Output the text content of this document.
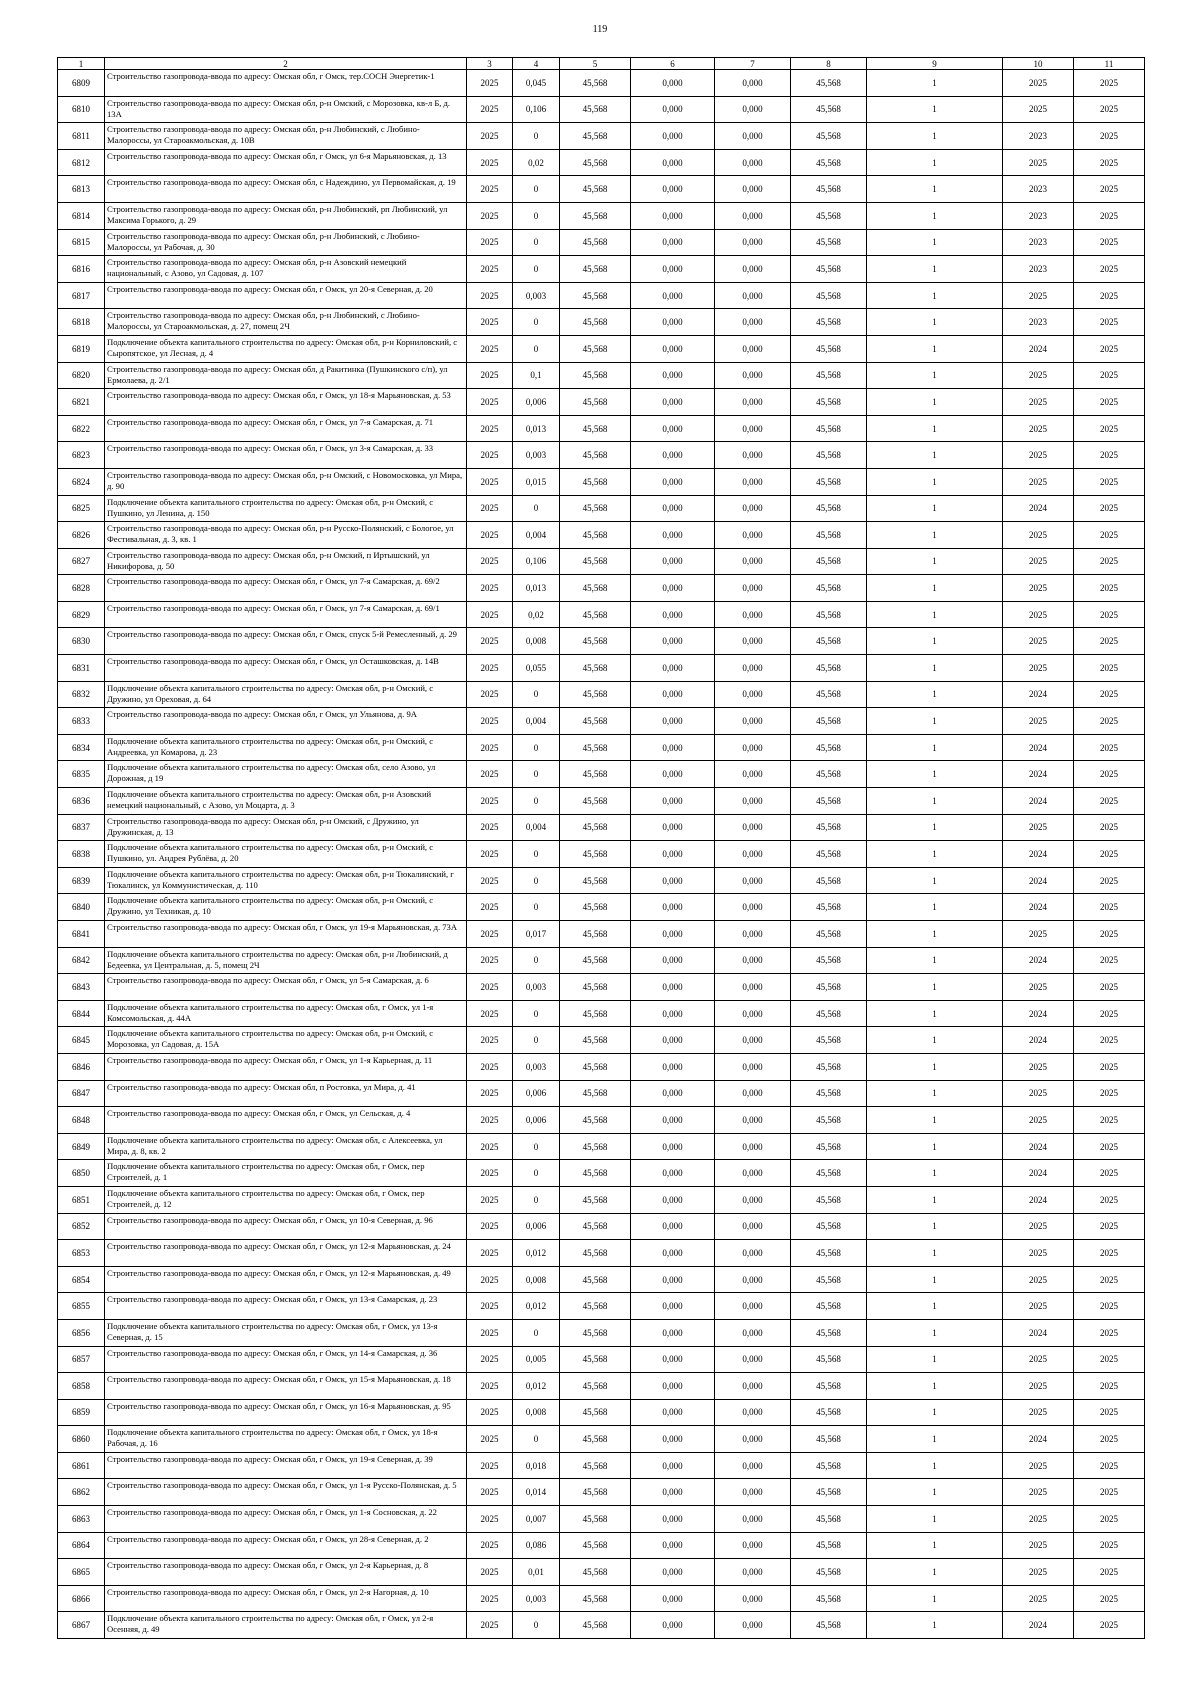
119
1	2	3	4	5	6	7	8	9	10	11
6809	Строительство газопровода-ввода по адресу: Омская обл, г Омск, тер.СОСН Энергетик-1	2025	0,045	45,568	0,000	0,000	45,568	1	2025	2025
6810	Строительство газопровода-ввода по адресу: Омская обл, р-н Омский, с Морозовка, кв-л Б, д. 13А	2025	0,106	45,568	0,000	0,000	45,568	1	2025	2025
6811	Строительство газопровода-ввода по адресу: Омская обл, р-н Любинский, с Любино-Малороссы, ул Староакмольская, д. 10В	2025	0	45,568	0,000	0,000	45,568	1	2023	2025
6812	Строительство газопровода-ввода по адресу: Омская обл, г Омск, ул 6-я Марьяновская, д. 13	2025	0,02	45,568	0,000	0,000	45,568	1	2025	2025
6813	Строительство газопровода-ввода по адресу: Омская обл, с Надеждино, ул Первомайская, д. 19	2025	0	45,568	0,000	0,000	45,568	1	2023	2025
6814	Строительство газопровода-ввода по адресу: Омская обл, р-н Любинский, рп Любинский, ул Максима Горького, д. 29	2025	0	45,568	0,000	0,000	45,568	1	2023	2025
6815	Строительство газопровода-ввода по адресу: Омская обл, р-н Любинский, с Любино-Малороссы, ул Рабочая, д. 30	2025	0	45,568	0,000	0,000	45,568	1	2023	2025
6816	Строительство газопровода-ввода по адресу: Омская обл, р-н Азовский немецкий национальный, с Азово, ул Садовая, д. 107	2025	0	45,568	0,000	0,000	45,568	1	2023	2025
6817	Строительство газопровода-ввода по адресу: Омская обл, г Омск, ул 20-я Северная, д. 20	2025	0,003	45,568	0,000	0,000	45,568	1	2025	2025
6818	Строительство газопровода-ввода по адресу: Омская обл, р-н Любинский, с Любино-Малороссы, ул Староакмольская, д. 27, помещ 2Ч	2025	0	45,568	0,000	0,000	45,568	1	2023	2025
6819	Подключение объекта капитального строительства по адресу: Омская обл, р-н Корниловский, с Сыропятское, ул Лесная, д. 4	2025	0	45,568	0,000	0,000	45,568	1	2024	2025
6820	Строительство газопровода-ввода по адресу: Омская обл, д Ракитинка (Пушкинского с/п), ул Ермолаева, д. 2/1	2025	0,1	45,568	0,000	0,000	45,568	1	2025	2025
6821	Строительство газопровода-ввода по адресу: Омская обл, г Омск, ул 18-я Марьяновская, д. 53	2025	0,006	45,568	0,000	0,000	45,568	1	2025	2025
6822	Строительство газопровода-ввода по адресу: Омская обл, г Омск, ул 7-я Самарская, д. 71	2025	0,013	45,568	0,000	0,000	45,568	1	2025	2025
6823	Строительство газопровода-ввода по адресу: Омская обл, г Омск, ул 3-я Самарская, д. 33	2025	0,003	45,568	0,000	0,000	45,568	1	2025	2025
6824	Строительство газопровода-ввода по адресу: Омская обл, р-н Омский, с Новомосковка, ул Мира, д. 90	2025	0,015	45,568	0,000	0,000	45,568	1	2025	2025
6825	Подключение объекта капитального строительства по адресу: Омская обл, р-н Омский, с Пушкино, ул Ленина, д. 150	2025	0	45,568	0,000	0,000	45,568	1	2024	2025
6826	Строительство газопровода-ввода по адресу: Омская обл, р-н Русско-Полянский, с Бологое, ул Фестивальная, д. 3, кв. 1	2025	0,004	45,568	0,000	0,000	45,568	1	2025	2025
6827	Строительство газопровода-ввода по адресу: Омская обл, р-н Омский, п Иртышский, ул Никифорова, д. 50	2025	0,106	45,568	0,000	0,000	45,568	1	2025	2025
6828	Строительство газопровода-ввода по адресу: Омская обл, г Омск, ул 7-я Самарская, д. 69/2	2025	0,013	45,568	0,000	0,000	45,568	1	2025	2025
6829	Строительство газопровода-ввода по адресу: Омская обл, г Омск, ул 7-я Самарская, д. 69/1	2025	0,02	45,568	0,000	0,000	45,568	1	2025	2025
6830	Строительство газопровода-ввода по адресу: Омская обл, г Омск, спуск 5-й Ремесленный, д. 29	2025	0,008	45,568	0,000	0,000	45,568	1	2025	2025
6831	Строительство газопровода-ввода по адресу: Омская обл, г Омск, ул Осташковская, д. 14В	2025	0,055	45,568	0,000	0,000	45,568	1	2025	2025
6832	Подключение объекта капитального строительства по адресу: Омская обл, р-н Омский, с Дружино, ул Ореховая, д. 64	2025	0	45,568	0,000	0,000	45,568	1	2024	2025
6833	Строительство газопровода-ввода по адресу: Омская обл, г Омск, ул Ульянова, д. 9А	2025	0,004	45,568	0,000	0,000	45,568	1	2025	2025
6834	Подключение объекта капитального строительства по адресу: Омская обл, р-н Омский, с Андреевка, ул Комарова, д. 23	2025	0	45,568	0,000	0,000	45,568	1	2024	2025
6835	Подключение объекта капитального строительства по адресу: Омская обл, село Азово, ул Дорожная, д 19	2025	0	45,568	0,000	0,000	45,568	1	2024	2025
6836	Подключение объекта капитального строительства по адресу: Омская обл, р-н Азовский немецкий национальный, с Азово, ул Моцарта, д. 3	2025	0	45,568	0,000	0,000	45,568	1	2024	2025
6837	Строительство газопровода-ввода по адресу: Омская обл, р-н Омский, с Дружино, ул Дружинская, д. 13	2025	0,004	45,568	0,000	0,000	45,568	1	2025	2025
6838	Подключение объекта капитального строительства по адресу: Омская обл, р-н Омский, с Пушкино, ул. Андрея Рублёва, д. 20	2025	0	45,568	0,000	0,000	45,568	1	2024	2025
6839	Подключение объекта капитального строительства по адресу: Омская обл, р-н Тюкалинский, г Тюкалинск, ул Коммунистическая, д. 110	2025	0	45,568	0,000	0,000	45,568	1	2024	2025
6840	Подключение объекта капитального строительства по адресу: Омская обл, р-н Омский, с Дружино, ул Техникая, д. 10	2025	0	45,568	0,000	0,000	45,568	1	2024	2025
6841	Строительство газопровода-ввода по адресу: Омская обл, г Омск, ул 19-я Марьяновская, д. 73А	2025	0,017	45,568	0,000	0,000	45,568	1	2025	2025
6842	Подключение объекта капитального строительства по адресу: Омская обл, р-н Любинский, д Бедеевка, ул Центральная, д. 5, помещ 2Ч	2025	0	45,568	0,000	0,000	45,568	1	2024	2025
6843	Строительство газопровода-ввода по адресу: Омская обл, г Омск, ул 5-я Самарская, д. 6	2025	0,003	45,568	0,000	0,000	45,568	1	2025	2025
6844	Подключение объекта капитального строительства по адресу: Омская обл, г Омск, ул 1-я Комсомольская, д. 44А	2025	0	45,568	0,000	0,000	45,568	1	2024	2025
6845	Подключение объекта капитального строительства по адресу: Омская обл, р-н Омский, с Морозовка, ул Садовая, д. 15А	2025	0	45,568	0,000	0,000	45,568	1	2024	2025
6846	Строительство газопровода-ввода по адресу: Омская обл, г Омск, ул 1-я Карьерная, д. 11	2025	0,003	45,568	0,000	0,000	45,568	1	2025	2025
6847	Строительство газопровода-ввода по адресу: Омская обл, п Ростовка, ул Мира, д. 41	2025	0,006	45,568	0,000	0,000	45,568	1	2025	2025
6848	Строительство газопровода-ввода по адресу: Омская обл, г Омск, ул Сельская, д. 4	2025	0,006	45,568	0,000	0,000	45,568	1	2025	2025
6849	Подключение объекта капитального строительства по адресу: Омская обл, с Алексеевка, ул Мира, д. 8, кв. 2	2025	0	45,568	0,000	0,000	45,568	1	2024	2025
6850	Подключение объекта капитального строительства по адресу: Омская обл, г Омск, пер Строителей, д. 1	2025	0	45,568	0,000	0,000	45,568	1	2024	2025
6851	Подключение объекта капитального строительства по адресу: Омская обл, г Омск, пер Строителей, д. 12	2025	0	45,568	0,000	0,000	45,568	1	2024	2025
6852	Строительство газопровода-ввода по адресу: Омская обл, г Омск, ул 10-я Северная, д. 96	2025	0,006	45,568	0,000	0,000	45,568	1	2025	2025
6853	Строительство газопровода-ввода по адресу: Омская обл, г Омск, ул 12-я Марьяновская, д. 24	2025	0,012	45,568	0,000	0,000	45,568	1	2025	2025
6854	Строительство газопровода-ввода по адресу: Омская обл, г Омск, ул 12-я Марьяновская, д. 49	2025	0,008	45,568	0,000	0,000	45,568	1	2025	2025
6855	Строительство газопровода-ввода по адресу: Омская обл, г Омск, ул 13-я Самарская, д. 23	2025	0,012	45,568	0,000	0,000	45,568	1	2025	2025
6856	Подключение объекта капитального строительства по адресу: Омская обл, г Омск, ул 13-я Северная, д. 15	2025	0	45,568	0,000	0,000	45,568	1	2024	2025
6857	Строительство газопровода-ввода по адресу: Омская обл, г Омск, ул 14-я Самарская, д. 36	2025	0,005	45,568	0,000	0,000	45,568	1	2025	2025
6858	Строительство газопровода-ввода по адресу: Омская обл, г Омск, ул 15-я Марьяновская, д. 18	2025	0,012	45,568	0,000	0,000	45,568	1	2025	2025
6859	Строительство газопровода-ввода по адресу: Омская обл, г Омск, ул 16-я Марьяновская, д. 95	2025	0,008	45,568	0,000	0,000	45,568	1	2025	2025
6860	Подключение объекта капитального строительства по адресу: Омская обл, г Омск, ул 18-я Рабочая, д. 16	2025	0	45,568	0,000	0,000	45,568	1	2024	2025
6861	Строительство газопровода-ввода по адресу: Омская обл, г Омск, ул 19-я Северная, д. 39	2025	0,018	45,568	0,000	0,000	45,568	1	2025	2025
6862	Строительство газопровода-ввода по адресу: Омская обл, г Омск, ул 1-я Русско-Полянская, д. 5	2025	0,014	45,568	0,000	0,000	45,568	1	2025	2025
6863	Строительство газопровода-ввода по адресу: Омская обл, г Омск, ул 1-я Сосновская, д. 22	2025	0,007	45,568	0,000	0,000	45,568	1	2025	2025
6864	Строительство газопровода-ввода по адресу: Омская обл, г Омск, ул 28-я Северная, д. 2	2025	0,086	45,568	0,000	0,000	45,568	1	2025	2025
6865	Строительство газопровода-ввода по адресу: Омская обл, г Омск, ул 2-я Карьерная, д. 8	2025	0,01	45,568	0,000	0,000	45,568	1	2025	2025
6866	Строительство газопровода-ввода по адресу: Омская обл, г Омск, ул 2-я Нагорная, д. 10	2025	0,003	45,568	0,000	0,000	45,568	1	2025	2025
6867	Подключение объекта капитального строительства по адресу: Омская обл, г Омск, ул 2-я Осенняя, д. 49	2025	0	45,568	0,000	0,000	45,568	1	2024	2025
